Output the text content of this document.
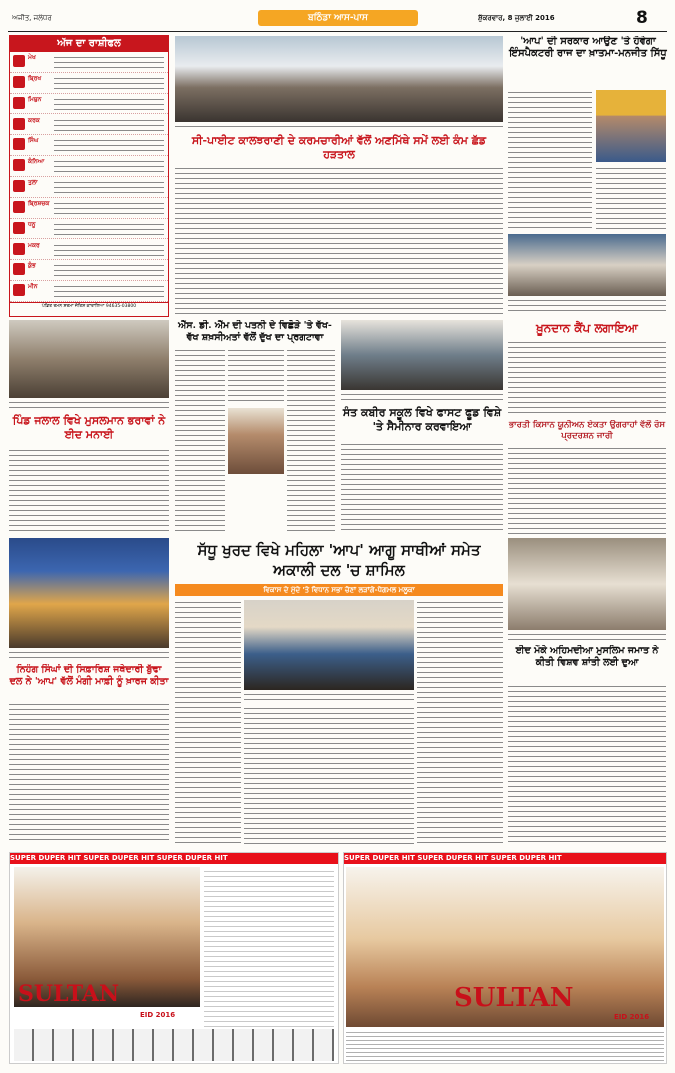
ਅਜੀਤ, ਜਲੰਧਰ	ਬਠਿੰਡਾ ਆਸ-ਪਾਸ	ਸ਼ੁੱਕਰਵਾਰ, 8 ਜੁਲਾਈ 2016	8
ਅੱਜ ਦਾ ਰਾਸ਼ੀਫਲ
ਮੇਖ
ਬ੍ਰਿਖ
ਮਿਥੁਨ
ਕਰਕ
ਸਿੰਘ
ਕੰਨਿਆ
ਤੁਲਾ
ਬ੍ਰਿਸ਼ਚਕ
ਧਨੂ
ਮਕਰ
ਕੁੰਭ
ਮੀਨ
ਪੰਡਿਤ ਰਮਨ ਸ਼ਰਮਾ ਜੋਤਿਸ਼ ਕਾਰਾਲਿਆ 94635-03800
ਸੀ-ਪਾਈਟ ਕਾਲਝਰਾਣੀ ਦੇ ਕਰਮਚਾਰੀਆਂ ਵੱਲੋਂ ਅਣਮਿੱਥੇ ਸਮੇਂ ਲਈ ਕੰਮ ਛੱਡ ਹੜਤਾਲ
'ਆਪ' ਦੀ ਸਰਕਾਰ ਆਉਣ 'ਤੇ ਹੋਵੇਗਾ ਇੰਸਪੈਕਟਰੀ ਰਾਜ ਦਾ ਖ਼ਾਤਮਾ-ਮਨਜੀਤ ਸਿੱਧੂ
ਪਿੰਡ ਜਲਾਲ ਵਿਖੇ ਮੁਸਲਮਾਨ ਭਰਾਵਾਂ ਨੇ ਈਦ ਮਨਾਈ
ਐੱਸ. ਡੀ. ਐੱਮ ਦੀ ਪਤਨੀ ਦੇ ਵਿਛੋੜੇ 'ਤੇ ਵੱਖ-ਵੱਖ ਸ਼ਖ਼ਸੀਅਤਾਂ ਵੱਲੋਂ ਦੁੱਖ ਦਾ ਪ੍ਰਗਟਾਵਾ
ਸੰਤ ਕਬੀਰ ਸਕੂਲ ਵਿਖੇ ਫਾਸਟ ਫੂਡ ਵਿਸ਼ੇ 'ਤੇ ਸੈਮੀਨਾਰ ਕਰਵਾਇਆ
ਖ਼ੂਨਦਾਨ ਕੈਂਪ ਲਗਾਇਆ
ਭਾਰਤੀ ਕਿਸਾਨ ਯੂਨੀਅਨ ਏਕਤਾ ਉਗਰਾਹਾਂ ਵੱਲੋਂ ਰੋਸ ਪ੍ਰਦਰਸ਼ਨ ਜਾਰੀ
ਨਿਹੰਗ ਸਿੰਘਾਂ ਦੀ ਸਿਫ਼ਾਰਿਸ਼ ਜਥੇਦਾਰੀ ਬੁੱਢਾ ਦਲ ਨੇ 'ਆਪ' ਵੱਲੋਂ ਮੰਗੀ ਮਾਫ਼ੀ ਨੂੰ ਖ਼ਾਰਜ ਕੀਤਾ
ਸੱਧੂ ਖੁਰਦ ਵਿਖੇ ਮਹਿਲਾ 'ਆਪ' ਆਗੂ ਸਾਥੀਆਂ ਸਮੇਤ ਅਕਾਲੀ ਦਲ 'ਚ ਸ਼ਾਮਿਲ
ਵਿਕਾਸ ਦੇ ਮੁੱਦੇ 'ਤੇ ਵਿਧਾਨ ਸਭਾ ਚੋਣਾਂ ਲੜਾਂਗੇ-ਧੇਗਮਲ ਮਲੂਕਾ
ਈਦ ਮੌਕੇ ਅਹਿਮਦੀਆ ਮੁਸਲਿਮ ਜਮਾਤ ਨੇ ਕੀਤੀ ਵਿਸ਼ਵ ਸ਼ਾਂਤੀ ਲਈ ਦੁਆ
SUPER DUPER HIT SUPER DUPER HIT SUPER DUPER HIT
SULTAN
EID 2016
SUPER DUPER HIT SUPER DUPER HIT SUPER DUPER HIT
SULTAN
EID 2016
